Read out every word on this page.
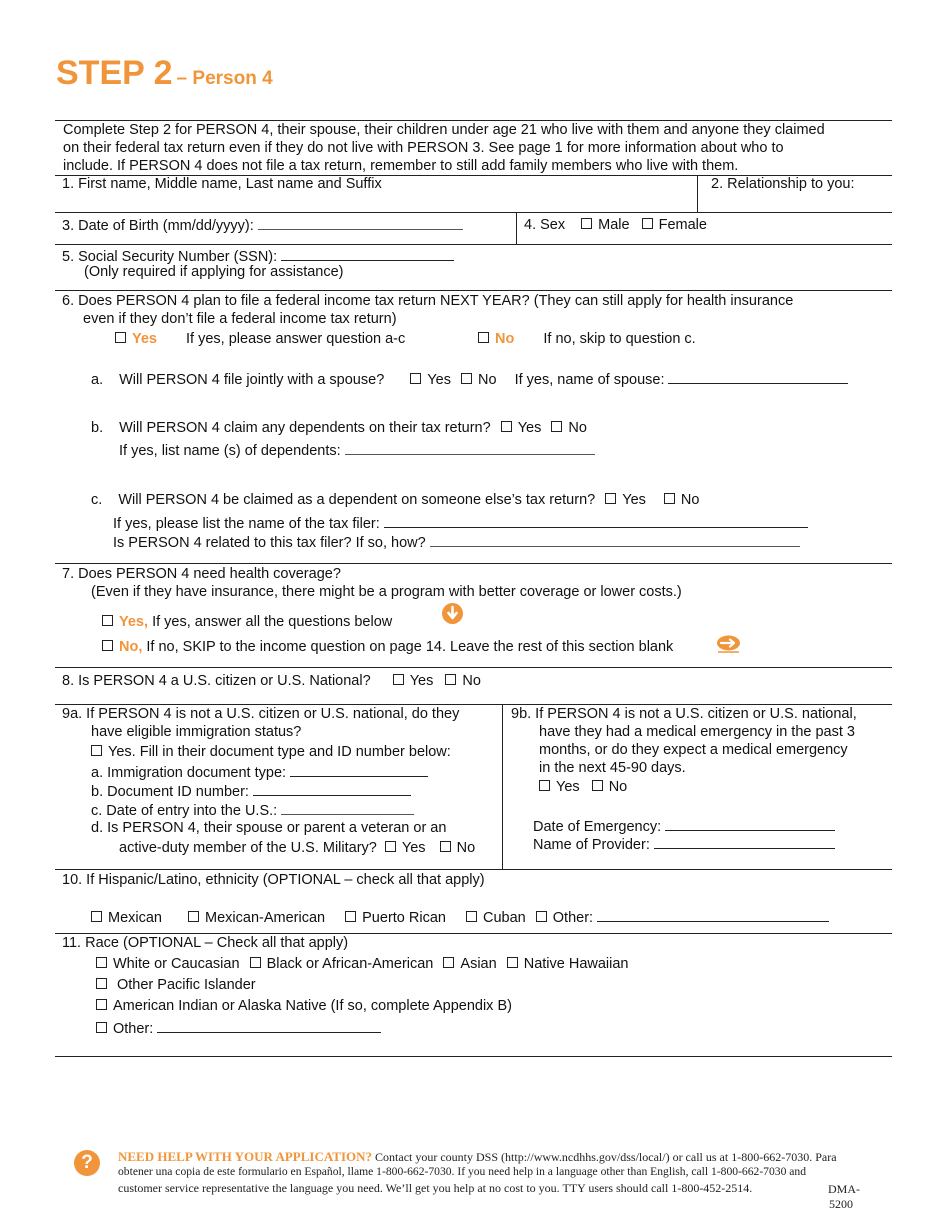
STEP 2 – Person 4
Complete Step 2 for PERSON 4, their spouse, their children under age 21 who live with them and anyone they claimed
on their federal tax return even if they do not live with PERSON 3. See page 1 for more information about who to
include. If PERSON 4 does not file a tax return, remember to still add family members who live with them.
1. First name, Middle name, Last name and Suffix	2. Relationship to you:
3. Date of Birth (mm/dd/yyyy):	4. Sex Male Female
5. Social Security Number (SSN):
(Only required if applying for assistance)
6. Does PERSON 4 plan to file a federal income tax return NEXT YEAR? (They can still apply for health insurance
even if they don’t file a federal income tax return)
Yes If yes, please answer question a-c	No If no, skip to question c.
a. Will PERSON 4 file jointly with a spouse?	Yes No If yes, name of spouse:
b. Will PERSON 4 claim any dependents on their tax return? Yes No
If yes, list name (s) of dependents:
c. Will PERSON 4 be claimed as a dependent on someone else’s tax return? Yes No
If yes, please list the name of the tax filer:
Is PERSON 4 related to this tax filer? If so, how?
7. Does PERSON 4 need health coverage?
(Even if they have insurance, there might be a program with better coverage or lower costs.)
Yes, If yes, answer all the questions below
No, If no, SKIP to the income question on page 14. Leave the rest of this section blank
8. Is PERSON 4 a U.S. citizen or U.S. National?	Yes No
9a. If PERSON 4 is not a U.S. citizen or U.S. national, do they
have eligible immigration status?
Yes. Fill in their document type and ID number below:
a. Immigration document type:
b. Document ID number:
c. Date of entry into the U.S.:
d. Is PERSON 4, their spouse or parent a veteran or an
active-duty member of the U.S. Military? Yes No
9b. If PERSON 4 is not a U.S. citizen or U.S. national,
have they had a medical emergency in the past 3
months, or do they expect a medical emergency
in the next 45-90 days.
Yes No
Date of Emergency:
Name of Provider:
10. If Hispanic/Latino, ethnicity (OPTIONAL – check all that apply)
Mexican	Mexican-American	Puerto Rican	Cuban Other:
11. Race (OPTIONAL – Check all that apply)
White or Caucasian Black or African-American Asian Native Hawaiian
Other Pacific Islander
American Indian or Alaska Native (If so, complete Appendix B)
Other:
?	NEED HELP WITH YOUR APPLICATION? Contact your county DSS (http://www.ncdhhs.gov/dss/local/) or call us at 1-800-662-7030. Para
obtener una copia de este formulario en Español, llame 1-800-662-7030. If you need help in a language other than English, call 1-800-662-7030 and
customer service representative the language you need. We’ll get you help at no cost to you. TTY users should call 1-800-452-2514.	DMA-
5200
